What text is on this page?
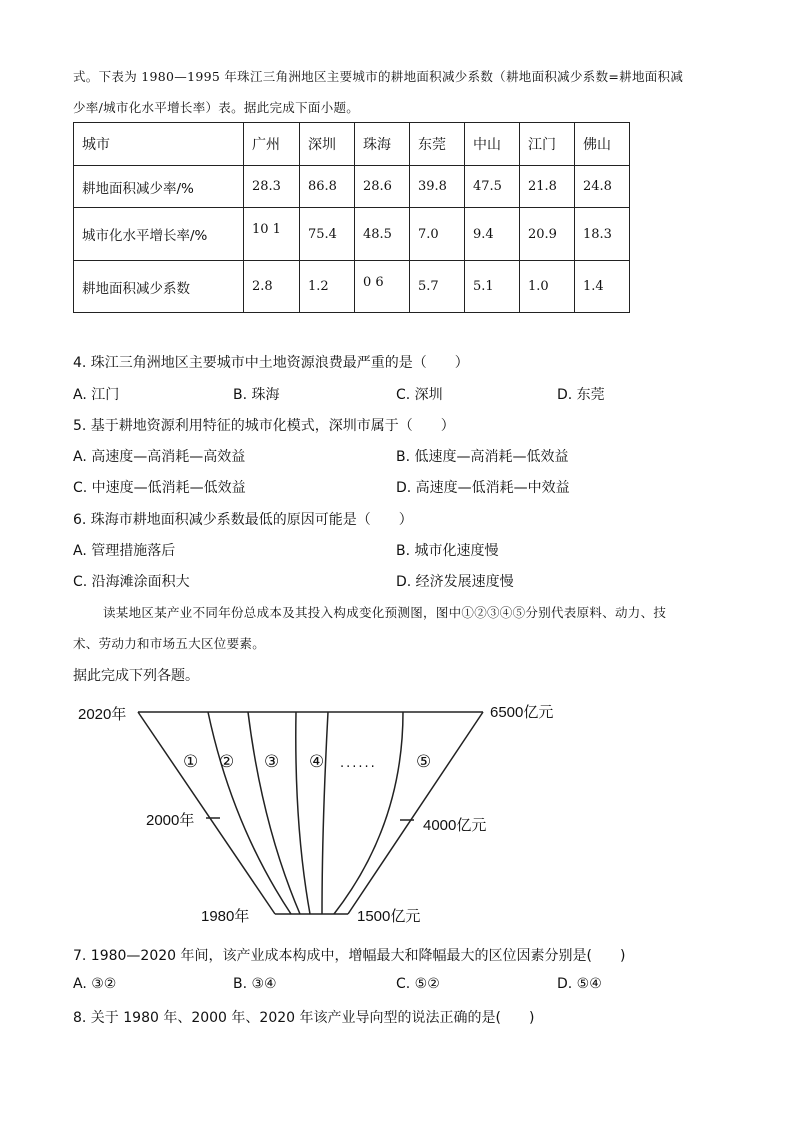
式。下表为 1980—1995 年珠江三角洲地区主要城市的耕地面积减少系数（耕地面积减少系数=耕地面积减
少率/城市化水平增长率）表。据此完成下面小题。
城市	广州	深圳	珠海	东莞	中山	江门	佛山
耕地面积减少率/%	28.3	86.8	28.6	39.8	47.5	21.8	24.8
城市化水平增长率/%	10 1	75.4	48.5	7.0	9.4	20.9	18.3
耕地面积减少系数	2.8	1.2	0 6	5.7	5.1	1.0	1.4
4. 珠江三角洲地区主要城市中土地资源浪费最严重的是（　　）
A. 江门	B. 珠海	C. 深圳	D. 东莞
5. 基于耕地资源利用特征的城市化模式，深圳市属于（　　）
A. 高速度—高消耗—高效益	B. 低速度—高消耗—低效益
C. 中速度—低消耗—低效益	D. 高速度—低消耗—中效益
6. 珠海市耕地面积减少系数最低的原因可能是（　　）
A. 管理措施落后	B. 城市化速度慢
C. 沿海滩涂面积大	D. 经济发展速度慢
读某地区某产业不同年份总成本及其投入构成变化预测图，图中①②③④⑤分别代表原料、动力、技
术、劳动力和市场五大区位要素。
据此完成下列各题。
2020年	6500亿元
2000年	4000亿元
1980年	1500亿元
① ② ③ ④ ...... ⑤
7. 1980—2020 年间，该产业成本构成中，增幅最大和降幅最大的区位因素分别是(　　)
A. ③②	B. ③④	C. ⑤②	D. ⑤④
8. 关于 1980 年、2000 年、2020 年该产业导向型的说法正确的是(　　)
